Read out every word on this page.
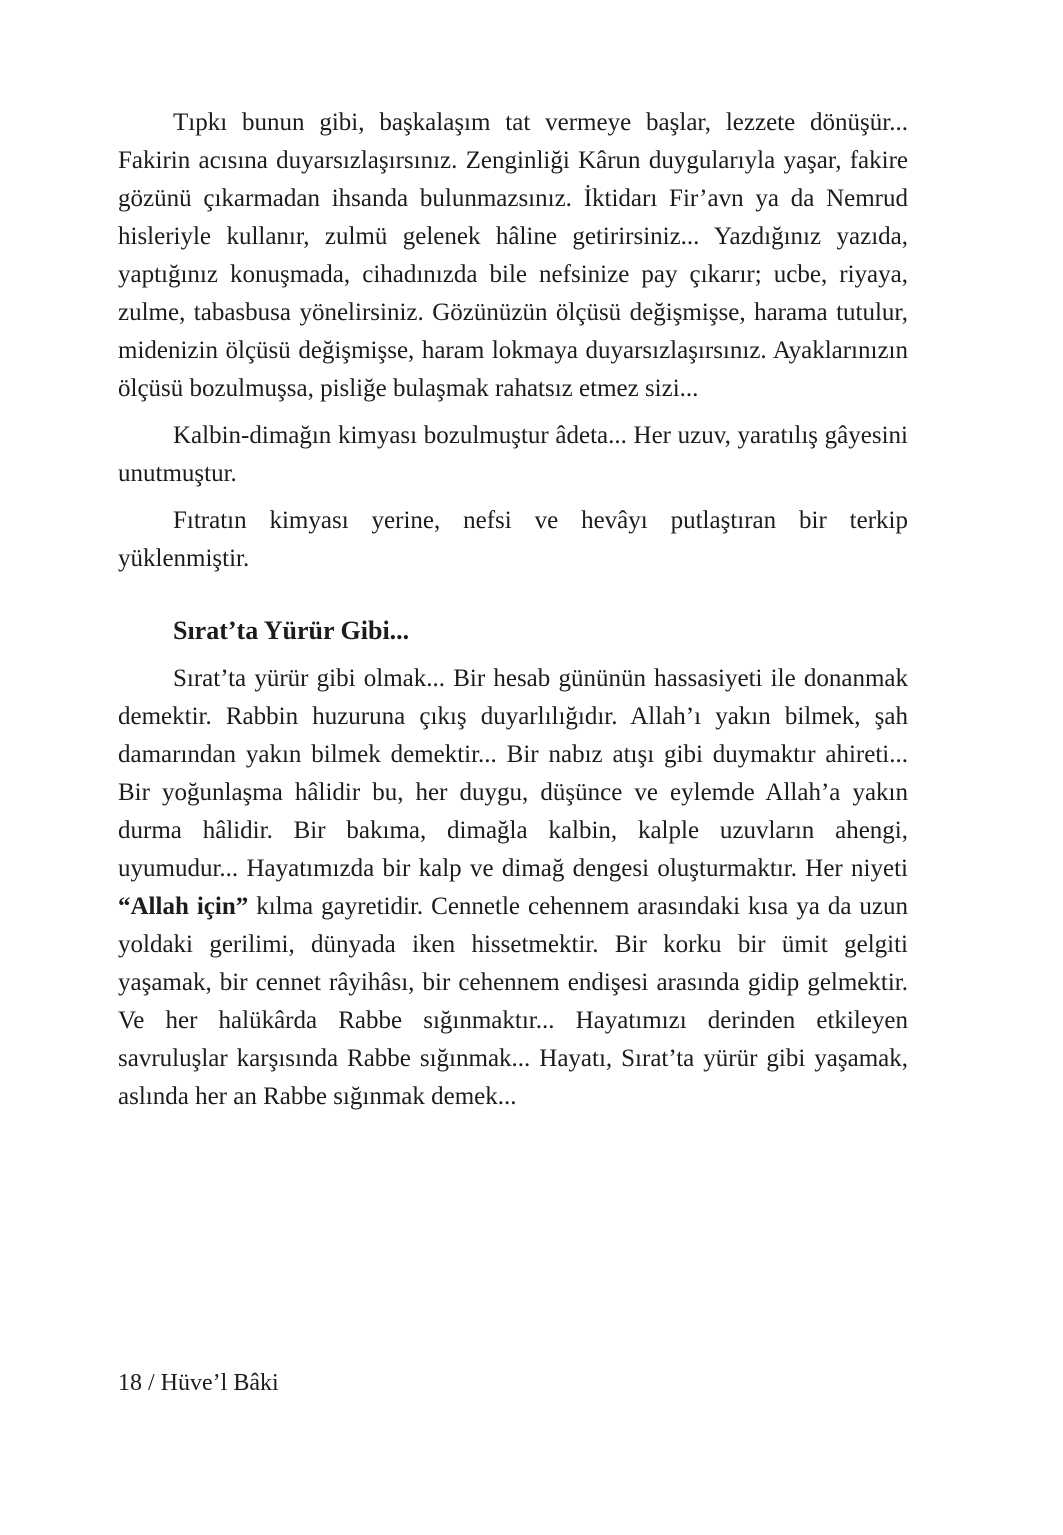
Tıpkı bunun gibi, başkalaşım tat vermeye başlar, lezzete dönüşür... Fakirin acısına duyarsızlaşırsınız. Zenginliği Kârun duygularıyla yaşar, fakire gözünü çıkarmadan ihsanda bulunmazsınız. İktidarı Fir’avn ya da Nemrud hisleriyle kullanır, zulmü gelenek hâline getirirsiniz... Yazdığınız yazıda, yaptığınız konuşmada, cihadınızda bile nefsinize pay çıkarır; ucbe, riyaya, zulme, tabasbusa yönelirsiniz. Gözünüzün ölçüsü değişmişse, harama tutulur, midenizin ölçüsü değişmişse, haram lokmaya duyarsızlaşırsınız. Ayaklarınızın ölçüsü bozulmuşsa, pisliğe bulaşmak rahatsız etmez sizi...

Kalbin-dimağın kimyası bozulmuştur âdeta... Her uzuv, yaratılış gâyesini unutmuştur.

Fıtratın kimyası yerine, nefsi ve hevâyı putlaştıran bir terkip yüklenmiştir.

Sırat’ta Yürür Gibi...

Sırat’ta yürür gibi olmak... Bir hesab gününün hassasiyeti ile donanmak demektir. Rabbin huzuruna çıkış duyarlılığıdır. Allah’ı yakın bilmek, şah damarından yakın bilmek demektir... Bir nabız atışı gibi duymaktır ahireti... Bir yoğunlaşma hâlidir bu, her duygu, düşünce ve eylemde Allah’a yakın durma hâlidir. Bir bakıma, dimağla kalbin, kalple uzuvların ahengi, uyumudur... Hayatımızda bir kalp ve dimağ dengesi oluşturmaktır. Her niyeti “Allah için” kılma gayretidir. Cennetle cehennem arasındaki kısa ya da uzun yoldaki gerilimi, dünyada iken hissetmektir. Bir korku bir ümit gelgiti yaşamak, bir cennet râyihâsı, bir cehennem endişesi arasında gidip gelmektir. Ve her halükârda Rabbe sığınmaktır... Hayatımızı derinden etkileyen savruluşlar karşısında Rabbe sığınmak... Hayatı, Sırat’ta yürür gibi yaşamak, aslında her an Rabbe sığınmak demek...

18 / Hüve’l Bâki
